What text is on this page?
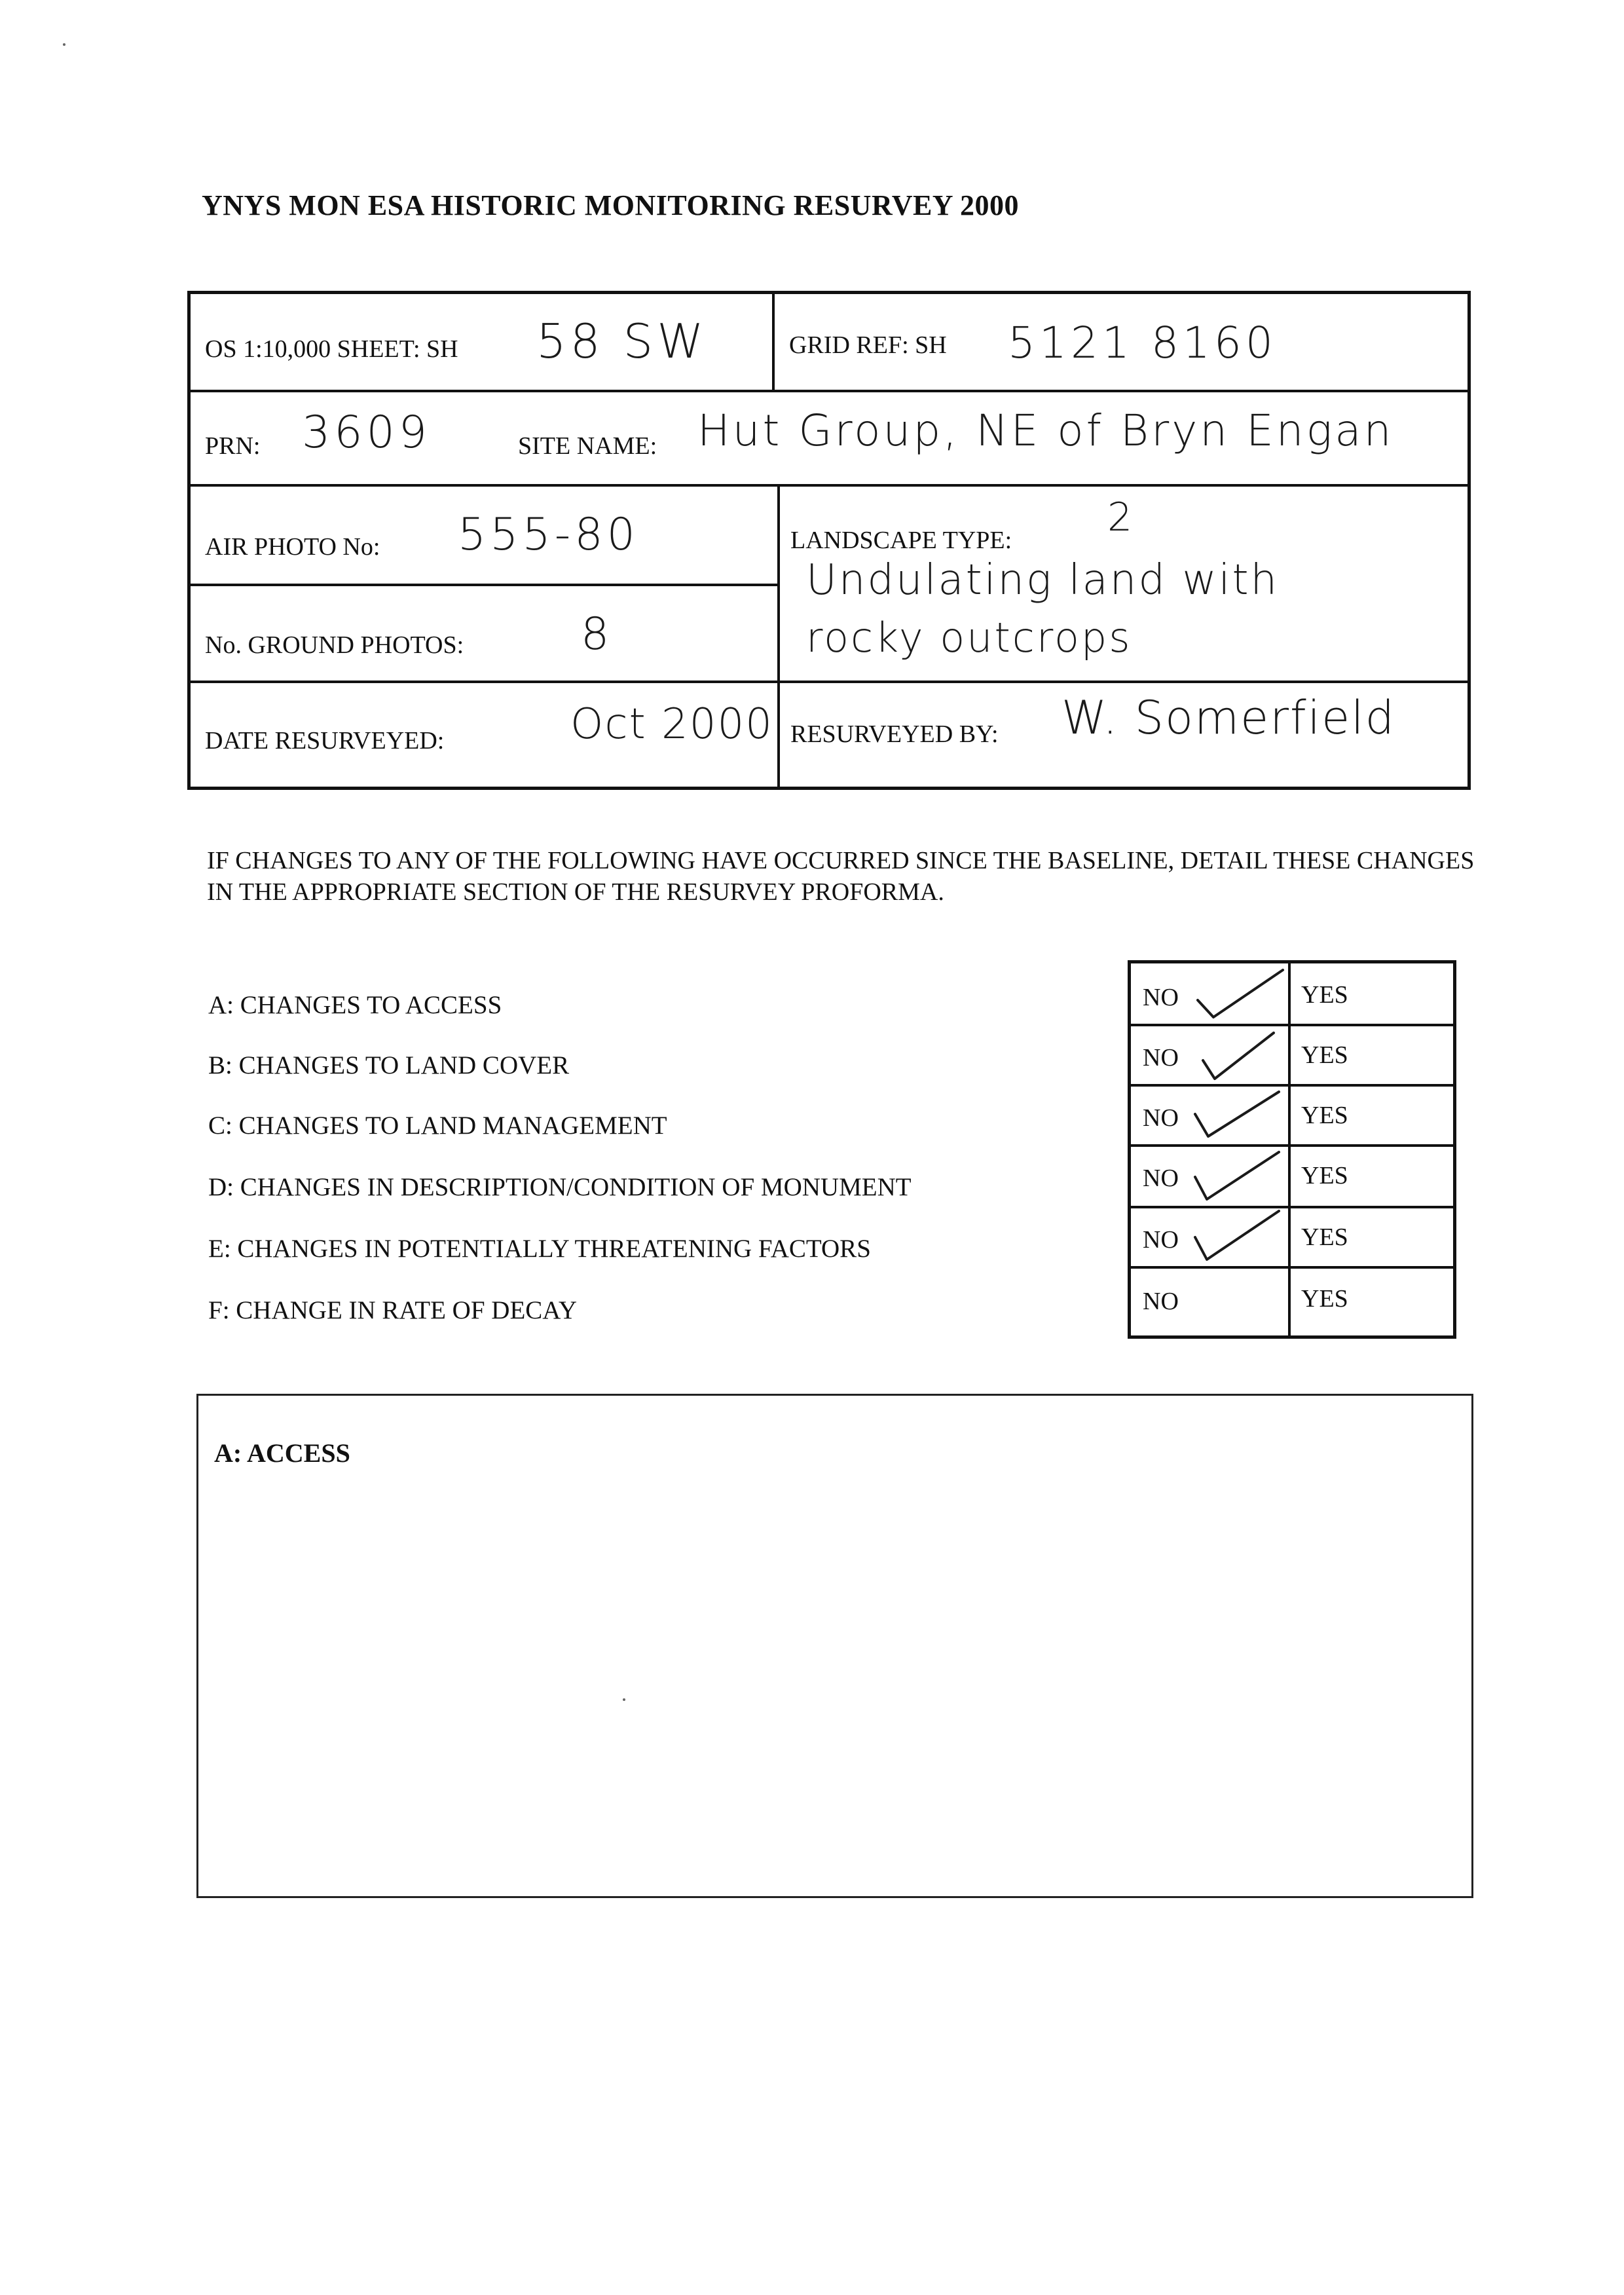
YNYS MON ESA HISTORIC MONITORING RESURVEY 2000
OS 1:10,000 SHEET: SH 58 SW	GRID REF: SH 5121 8160
PRN: 3609	SITE NAME: Hut Group, NE of Bryn Engan
AIR PHOTO No: 555-80	LANDSCAPE TYPE: 2
Undulating land with
rocky outcrops
No. GROUND PHOTOS:	8
DATE RESURVEYED:	Oct 2000 RESURVEYED BY: W. Somerfield
IF CHANGES TO ANY OF THE FOLLOWING HAVE OCCURRED SINCE THE BASELINE, DETAIL THESE CHANGES IN THE APPROPRIATE SECTION OF THE RESURVEY PROFORMA.
A: CHANGES TO ACCESS
B: CHANGES TO LAND COVER
C: CHANGES TO LAND MANAGEMENT
D: CHANGES IN DESCRIPTION/CONDITION OF MONUMENT
E: CHANGES IN POTENTIALLY THREATENING FACTORS
F: CHANGE IN RATE OF DECAY
NO	YES
NO	YES
NO	YES
NO	YES
NO	YES
NO	YES
A: ACCESS
